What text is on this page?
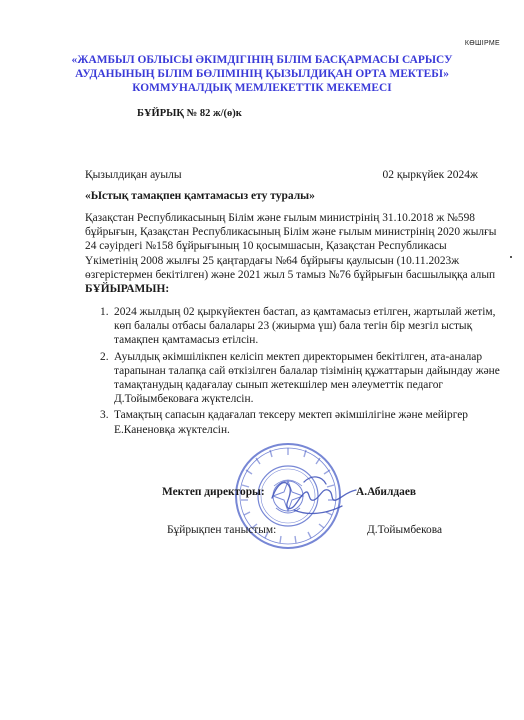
КӨШІРМЕ
«ЖАМБЫЛ ОБЛЫСЫ ӘКІМДІГІНІҢ БІЛІМ БАСҚАРМАСЫ САРЫСУ
АУДАНЫНЫҢ БІЛІМ БӨЛІМІНІҢ ҚЫЗЫЛДИҚАН ОРТА МЕКТЕБІ»
КОММУНАЛДЫҚ МЕМЛЕКЕТТІК МЕКЕМЕСІ
БҰЙРЫҚ № 82 ж/(ө)к
Қызылдиқан ауылы	02 қыркүйек 2024ж
«Ыстық тамақпен қамтамасыз ету туралы»
Қазақстан Республикасының Білім және ғылым министрінің 31.10.2018 ж №598 бұйрығын, Қазақстан Республикасының Білім және ғылым министрінің 2020 жылғы 24 сәуірдегі №158 бұйрығының 10 қосымшасын, Қазақстан Республикасы Үкіметінің 2008 жылғы 25 қаңтардағы №64 бұйрығы қаулысын (10.11.2023ж өзгерістермен бекітілген) және 2021 жыл 5 тамыз №76 бұйрығын басшылыққа алып БҰЙЫРАМЫН:
1. 2024 жылдың 02 қыркүйектен бастап, аз қамтамасыз етілген, жартылай жетім, көп балалы отбасы балалары 23 (жиырма үш) бала тегін бір мезгіл ыстық тамақпен қамтамасыз етілсін.
2. Ауылдық әкімшілікпен келісіп мектеп директорымен бекітілген, ата-аналар тарапынан талапқа сай өткізілген балалар тізімінің құжаттарын дайындау және тамақтанудың қадағалау сынып жетекшілер мен әлеуметтік педагог Д.Тойымбековаға жүктелсін.
3. Тамақтың сапасын қадағалап тексеру мектеп әкімшілігіне және мейіргер Е.Каненовқа жүктелсін.
Мектеп директоры:	А.Абилдаев
Бұйрықпен таныстым:	Д.Тойымбекова
